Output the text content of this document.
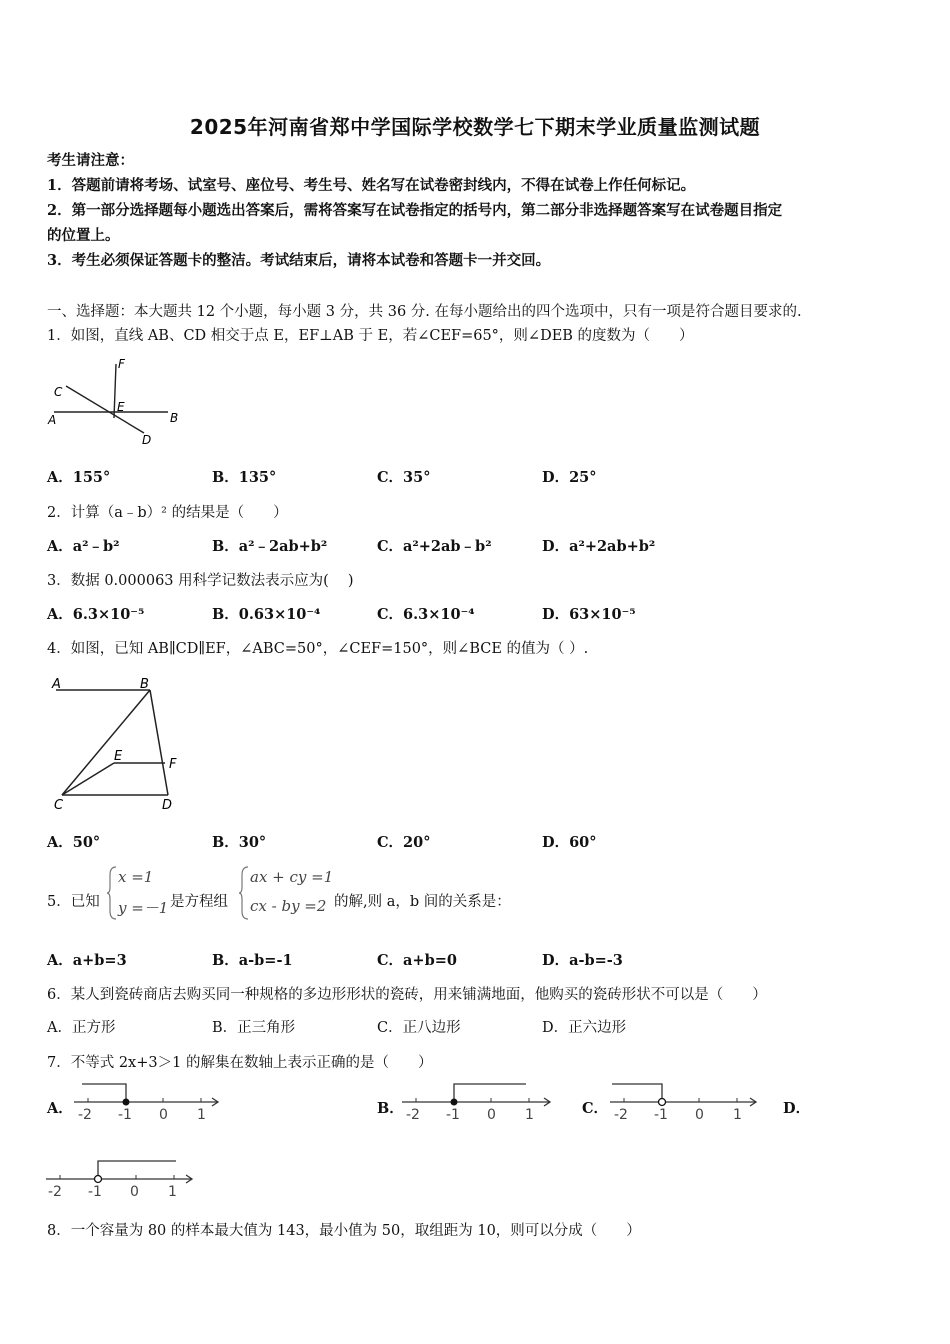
2025年河南省郑中学国际学校数学七下期末学业质量监测试题
考生请注意：
1．答题前请将考场、试室号、座位号、考生号、姓名写在试卷密封线内，不得在试卷上作任何标记。
2．第一部分选择题每小题选出答案后，需将答案写在试卷指定的括号内，第二部分非选择题答案写在试卷题目指定
的位置上。
3．考生必须保证答题卡的整洁。考试结束后，请将本试卷和答题卡一并交回。
一、选择题：本大题共 12 个小题，每小题 3 分，共 36 分. 在每小题给出的四个选项中，只有一项是符合题目要求的.
1．如图，直线 AB、CD 相交于点 E，EF⊥AB 于 E，若∠CEF=65°，则∠DEB 的度数为（　　）
F
C
E
A	B
D
A．155°	B．135°	C．35°	D．25°
2．计算（a﹣b）² 的结果是（　　）
A．a²﹣b²	B．a²﹣2ab+b²	C．a²+2ab﹣b²	D．a²+2ab+b²
3．数据 0.000063 用科学记数法表示应为(　 )
A．6.3×10⁻⁵	B．0.63×10⁻⁴	C．6.3×10⁻⁴	D．63×10⁻⁵
4．如图，已知 AB∥CD∥EF，∠ABC=50°，∠CEF=150°，则∠BCE 的值为（ ）.
A	B
E
F
C	D
A．50°	B．30°	C．20°	D．60°
5．已知
x =1
y =－1 是方程组
ax + cy =1
cx - by =2 的解,则 a，b 间的关系是：
A．a+b=3	B．a-b=-1	C．a+b=0	D．a-b=-3
6．某人到瓷砖商店去购买同一种规格的多边形形状的瓷砖，用来铺满地面，他购买的瓷砖形状不可以是（　　）
A．正方形	B．正三角形	C．正八边形	D．正六边形
7．不等式 2x+3＞1 的解集在数轴上表示正确的是（　　）
A． -2 -1 0 1	B． -2 -1 0 1	C． -2 -1 0 1	D．
-2 -1 0 1
8．一个容量为 80 的样本最大值为 143，最小值为 50，取组距为 10，则可以分成（　　）
